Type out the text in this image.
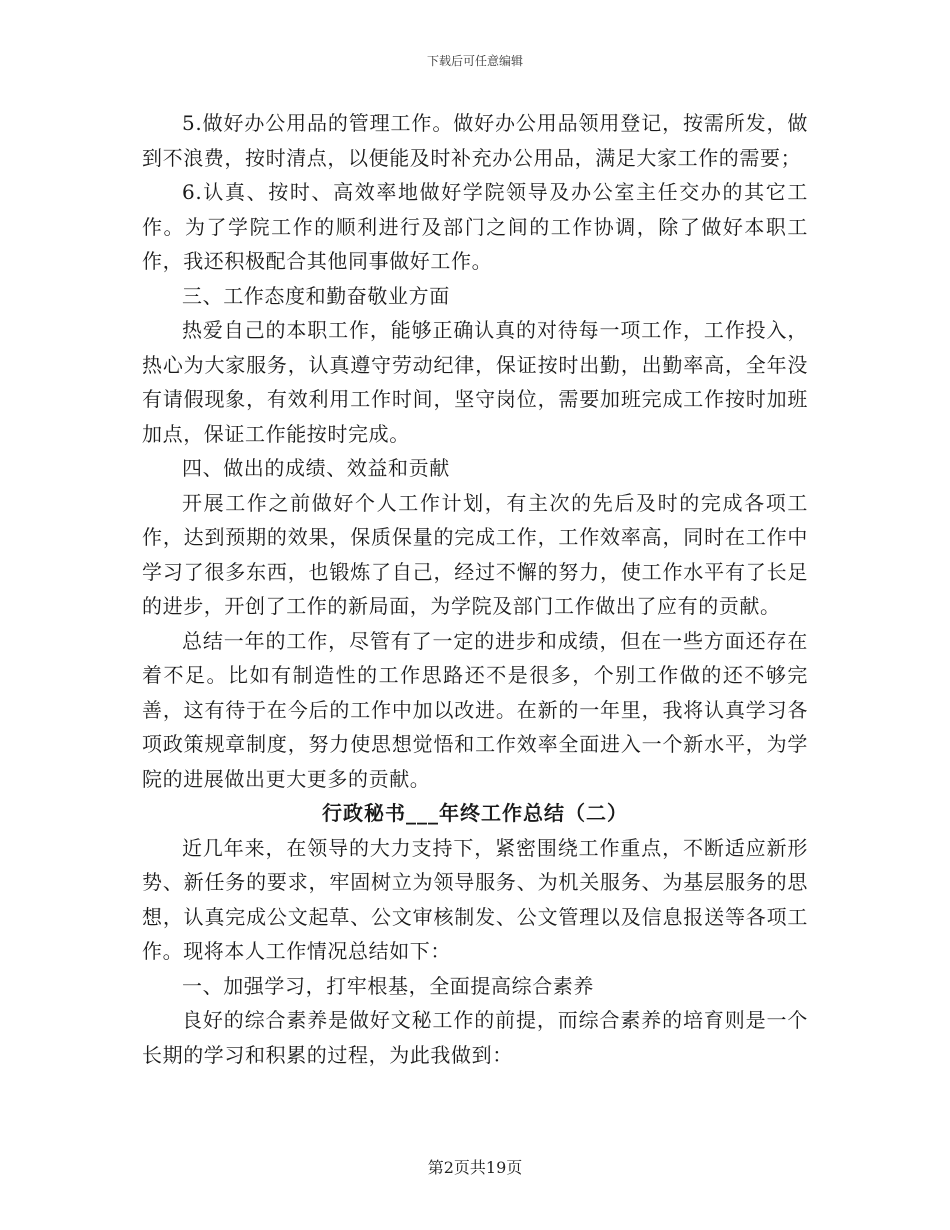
下载后可任意编辑

5.做好办公用品的管理工作。做好办公用品领用登记，按需所发，做到不浪费，按时清点，以便能及时补充办公用品，满足大家工作的需要；

6.认真、按时、高效率地做好学院领导及办公室主任交办的其它工作。为了学院工作的顺利进行及部门之间的工作协调，除了做好本职工作，我还积极配合其他同事做好工作。

三、工作态度和勤奋敬业方面

热爱自己的本职工作，能够正确认真的对待每一项工作，工作投入，热心为大家服务，认真遵守劳动纪律，保证按时出勤，出勤率高，全年没有请假现象，有效利用工作时间，坚守岗位，需要加班完成工作按时加班加点，保证工作能按时完成。

四、做出的成绩、效益和贡献

开展工作之前做好个人工作计划，有主次的先后及时的完成各项工作，达到预期的效果，保质保量的完成工作，工作效率高，同时在工作中学习了很多东西，也锻炼了自己，经过不懈的努力，使工作水平有了长足的进步，开创了工作的新局面，为学院及部门工作做出了应有的贡献。

总结一年的工作，尽管有了一定的进步和成绩，但在一些方面还存在着不足。比如有制造性的工作思路还不是很多，个别工作做的还不够完善，这有待于在今后的工作中加以改进。在新的一年里，我将认真学习各项政策规章制度，努力使思想觉悟和工作效率全面进入一个新水平，为学院的进展做出更大更多的贡献。

行政秘书___年终工作总结（二）

近几年来，在领导的大力支持下，紧密围绕工作重点，不断适应新形势、新任务的要求，牢固树立为领导服务、为机关服务、为基层服务的思想，认真完成公文起草、公文审核制发、公文管理以及信息报送等各项工作。现将本人工作情况总结如下：

一、加强学习，打牢根基，全面提高综合素养

良好的综合素养是做好文秘工作的前提，而综合素养的培育则是一个长期的学习和积累的过程，为此我做到：

第2页共19页
